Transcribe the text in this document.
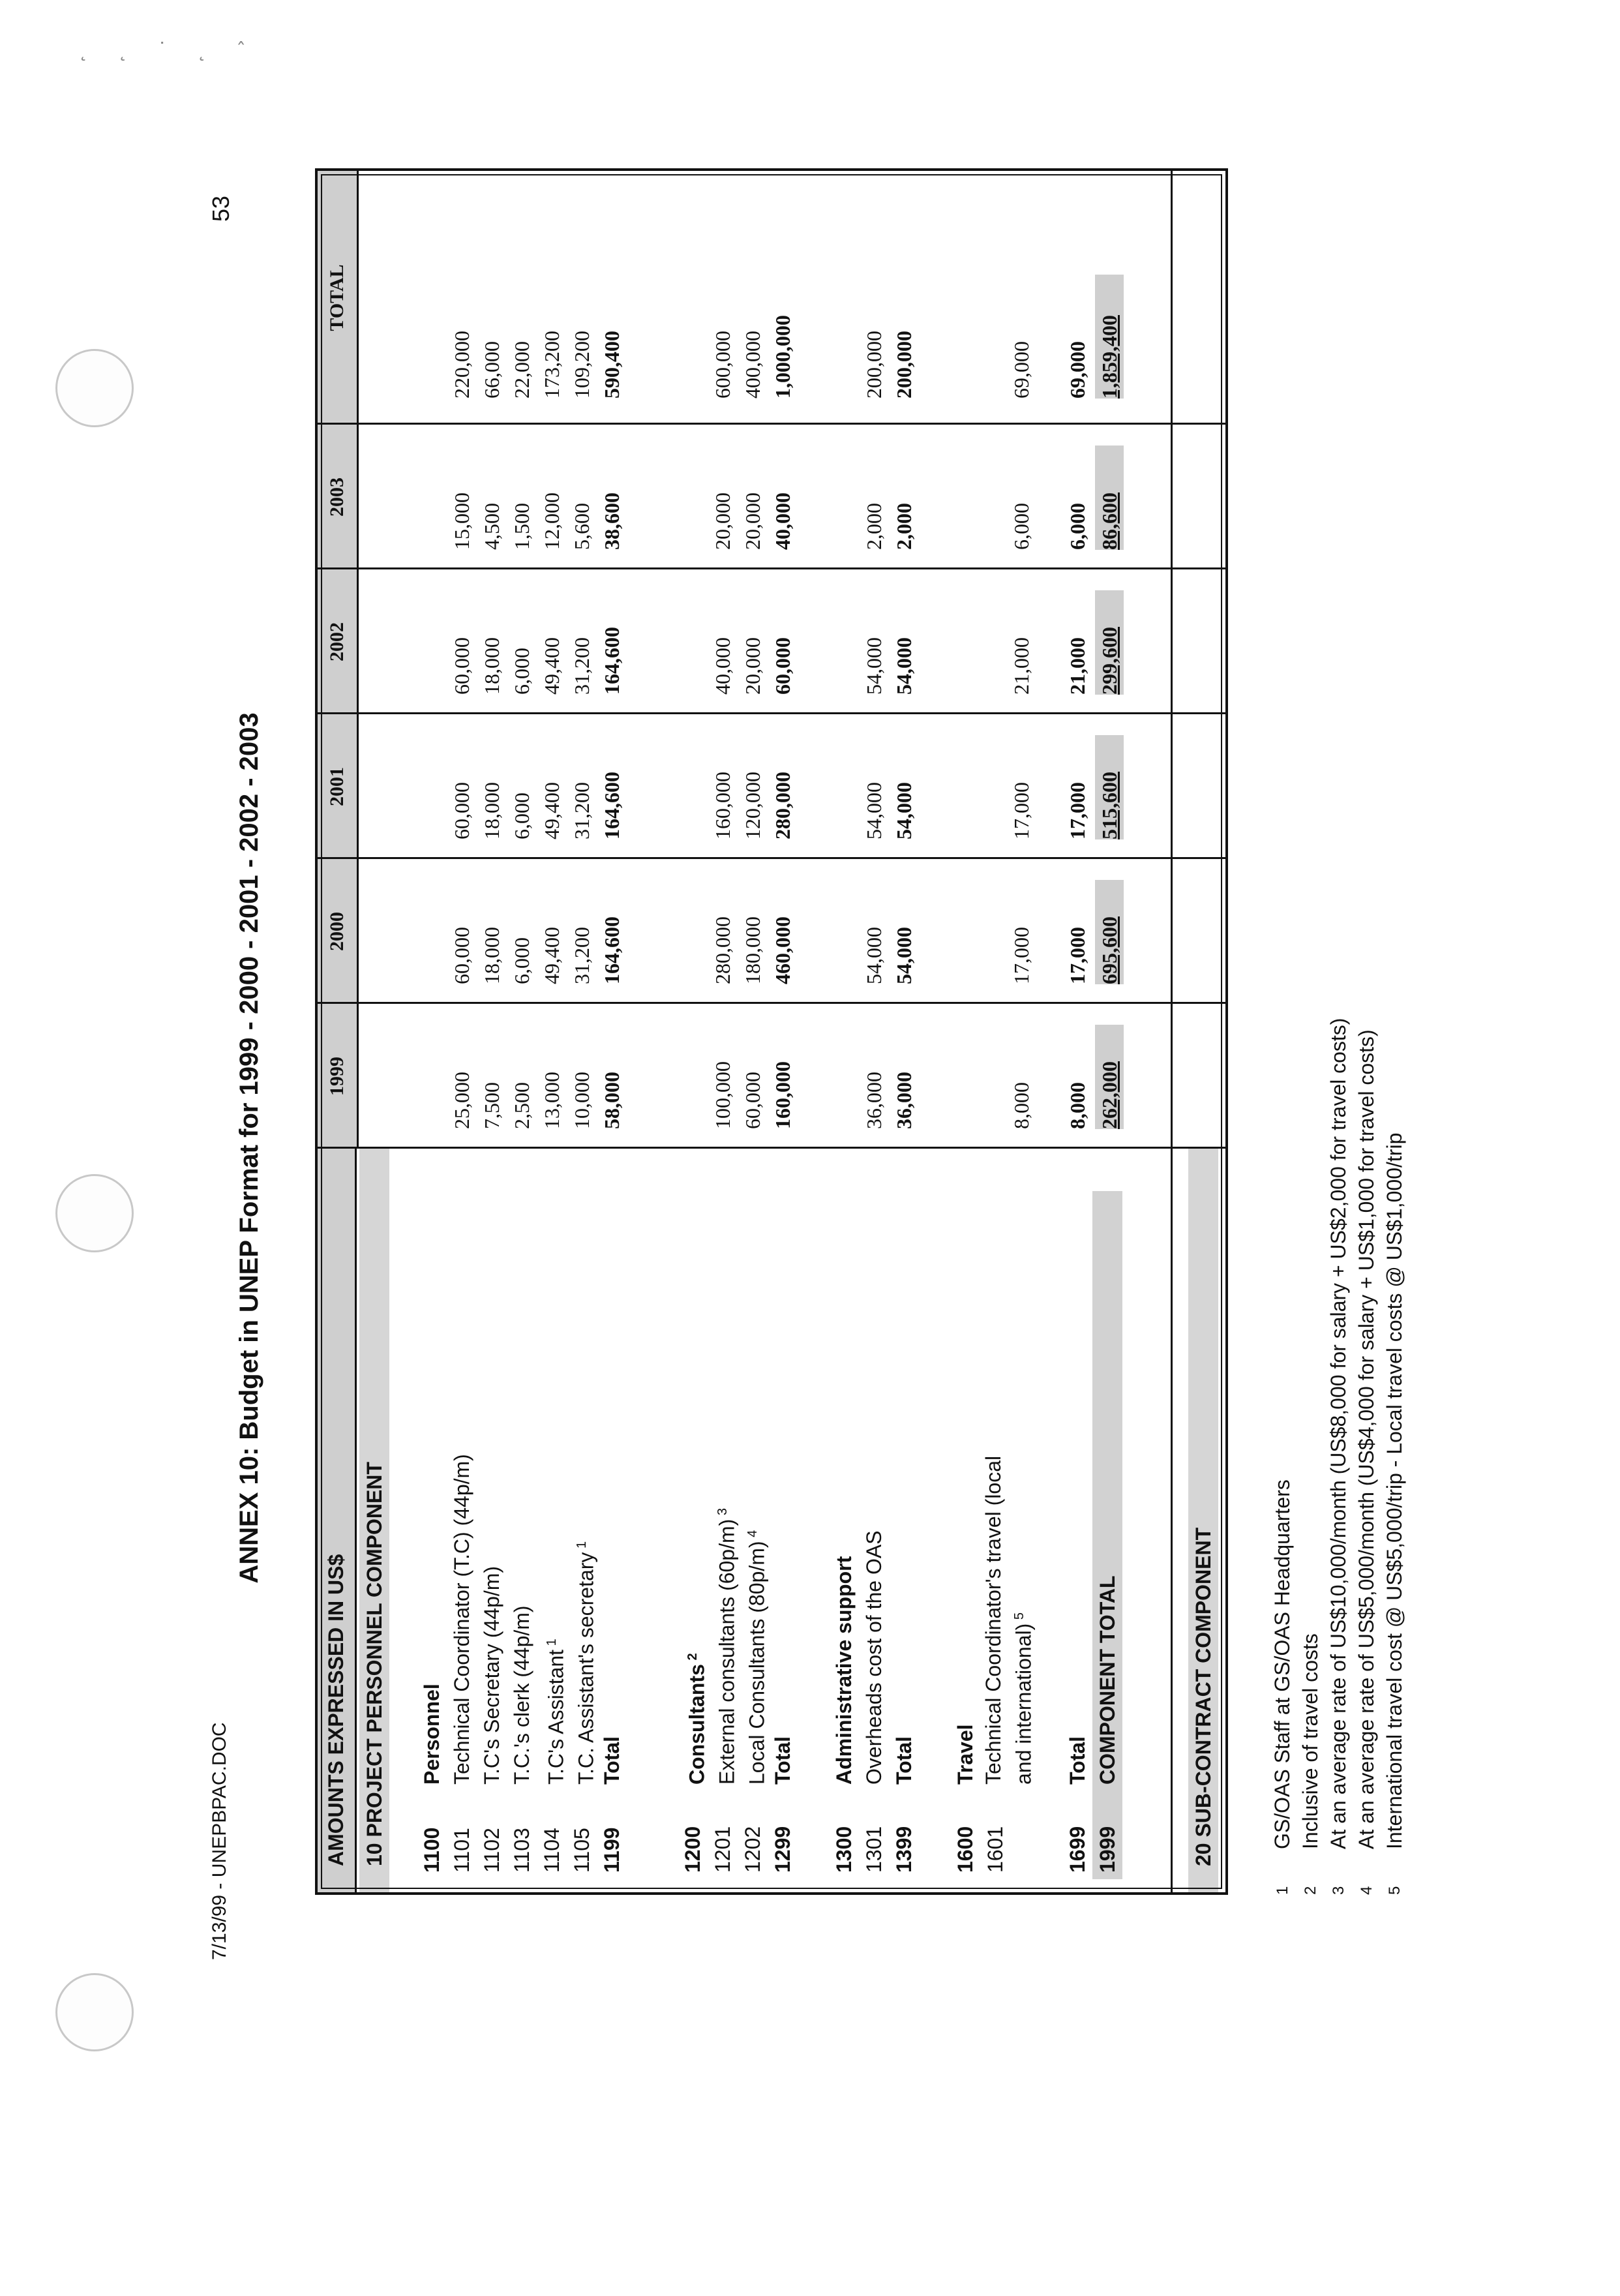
˛ ˛ ˙ ˛ ˆ
7/13/99 - UNEPBPAC.DOC
53
ANNEX 10: Budget in UNEP Format for 1999 - 2000 - 2001 - 2002 - 2003
AMOUNTS EXPRESSED IN US$
1999
2000
2001
2002
2003
TOTAL
10 PROJECT PERSONNEL COMPONENT 1100
Personnel
1101
Technical Coordinator (T.C) (44p/m)
25,000
60,000
60,000
60,000
15,000
220,000
1102
T.C's Secretary (44p/m)
7,500
18,000
18,000
18,000
4,500
66,000
1103
T.C.'s clerk (44p/m)
2,500
6,000
6,000
6,000
1,500
22,000
1104
T.C's Assistant $^1$
13,000
49,400
49,400
49,400
12,000
173,200
1105
T.C. Assistant's secretary $^1$
10,000
31,200
31,200
31,200
5,600
109,200
1199
Total
58,000
164,600
164,600
164,600
38,600
590,400
1200
Consultants $^2$
1201
External consultants (60p/m) $^3$
100,000
280,000
160,000
40,000
20,000
600,000
1202
Local Consultants (80p/m) $^4$
60,000
180,000
120,000
20,000
20,000
400,000
1299
Total
160,000
460,000
280,000
60,000
40,000
1,000,000
1300
Administrative support
1301
Overheads cost of the OAS
36,000
54,000
54,000
54,000
2,000
200,000
1399
Total
36,000
54,000
54,000
54,000
2,000
200,000
1600
Travel
1601
Technical Coordinator's travel (local and international) $^5$
8,000
17,000
17,000
21,000
6,000
69,000
1699
Total
8,000
17,000
17,000
21,000
6,000
69,000
1999
COMPONENT TOTAL
262,000
695,600
515,600
299,600
86,600
1,859,400
20 SUB-CONTRACT COMPONENT
1
GS/OAS Staff at GS/OAS Headquarters
2
Inclusive of travel costs
3
At an average rate of US$10,000/month (US$8,000 for salary + US$2,000 for travel costs)
4
At an average rate of US$5,000/month (US$4,000 for salary + US$1,000 for travel costs)
5
International travel cost @ US$5,000/trip - Local travel costs @ US$1,000/trip
